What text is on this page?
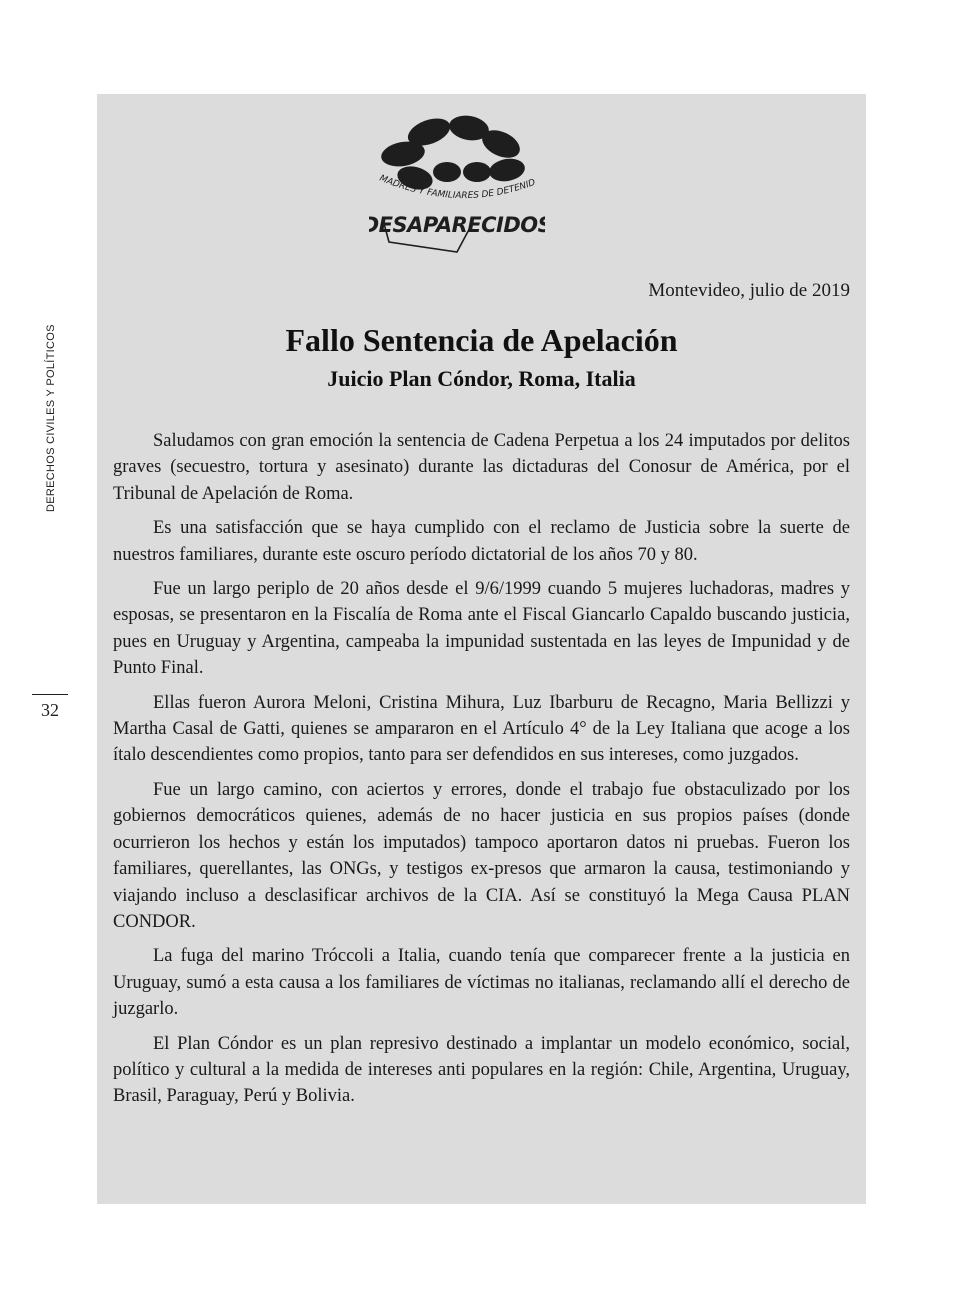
DERECHOS CIVILES Y POLÍTICOS
32
MADRES Y FAMILIARES DE DETENID
DESAPARECIDOS
Montevideo, julio de 2019
Fallo Sentencia de Apelación
Juicio Plan Cóndor, Roma, Italia

Saludamos con gran emoción la sentencia de Cadena Perpetua a los 24 imputados por delitos graves (secuestro, tortura y asesinato) durante las dictaduras del Conosur de América, por el Tribunal de Apelación de Roma.

Es una satisfacción que se haya cumplido con el reclamo de Justicia sobre la suerte de nuestros familiares, durante este oscuro período dictatorial de los años 70 y 80.

Fue un largo periplo de 20 años desde el 9/6/1999 cuando 5 mujeres luchadoras, madres y esposas, se presentaron en la Fiscalía de Roma ante el Fiscal Giancarlo Capaldo buscando justicia, pues en Uruguay y Argentina, campeaba la impunidad sustentada en las leyes de Impunidad y de Punto Final.

Ellas fueron Aurora Meloni, Cristina Mihura, Luz Ibarburu de Recagno, Maria Bellizzi y Martha Casal de Gatti, quienes se ampararon en el Artículo 4° de la Ley Italiana que acoge a los ítalo descendientes como propios, tanto para ser defendidos en sus intereses, como juzgados.

Fue un largo camino, con aciertos y errores, donde el trabajo fue obstaculizado por los gobiernos democráticos quienes, además de no hacer justicia en sus propios países (donde ocurrieron los hechos y están los imputados) tampoco aportaron datos ni pruebas. Fueron los familiares, querellantes, las ONGs, y testigos ex-presos que armaron la causa, testimoniando y viajando incluso a desclasificar archivos de la CIA. Así se constituyó la Mega Causa PLAN CONDOR.

La fuga del marino Tróccoli a Italia, cuando tenía que comparecer frente a la justicia en Uruguay, sumó a esta causa a los familiares de víctimas no italianas, reclamando allí el derecho de juzgarlo.

El Plan Cóndor es un plan represivo destinado a implantar un modelo económico, social, político y cultural a la medida de intereses anti populares en la región: Chile, Argentina, Uruguay, Brasil, Paraguay, Perú y Bolivia.
